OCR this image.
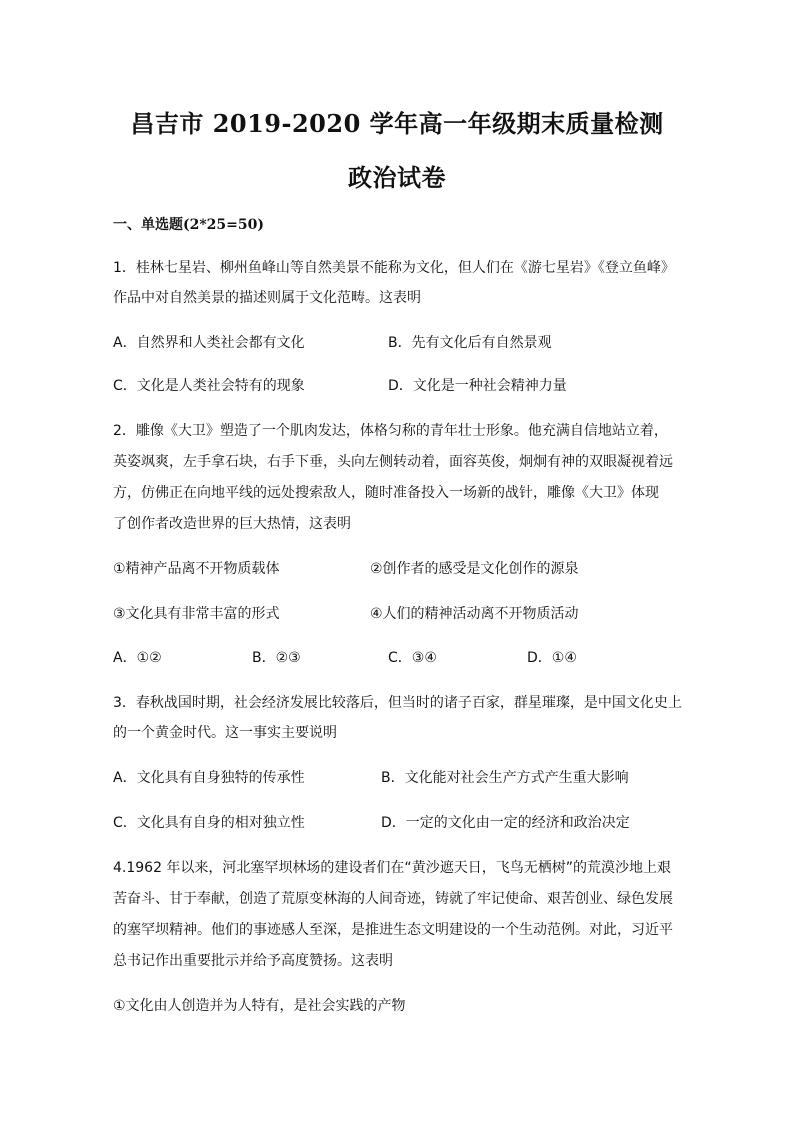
昌吉市 2019-2020 学年高一年级期末质量检测
政治试卷
一、单选题(2*25=50)
1．桂林七星岩、柳州鱼峰山等自然美景不能称为文化，但人们在《游七星岩》《登立鱼峰》
作品中对自然美景的描述则属于文化范畴。这表明
A．自然界和人类社会都有文化	B．先有文化后有自然景观
C．文化是人类社会特有的现象	D．文化是一种社会精神力量
2．雕像《大卫》塑造了一个肌肉发达，体格匀称的青年壮士形象。他充满自信地站立着，
英姿飒爽，左手拿石块，右手下垂，头向左侧转动着，面容英俊，炯炯有神的双眼凝视着远
方，仿佛正在向地平线的远处搜索敌人，随时准备投入一场新的战针，雕像《大卫》体现
了创作者改造世界的巨大热情，这表明
①精神产品离不开物质载体	②创作者的感受是文化创作的源泉
③文化具有非常丰富的形式	④人们的精神活动离不开物质活动
A．①②	B．②③	C．③④	D．①④
3．春秋战国时期，社会经济发展比较落后，但当时的诸子百家，群星璀璨，是中国文化史上
的一个黄金时代。这一事实主要说明
A．文化具有自身独特的传承性	B．文化能对社会生产方式产生重大影响
C．文化具有自身的相对独立性	D．一定的文化由一定的经济和政治决定
4.1962 年以来，河北塞罕坝林场的建设者们在“黄沙遮天日，飞鸟无栖树”的荒漠沙地上艰
苦奋斗、甘于奉献，创造了荒原变林海的人间奇迹，铸就了牢记使命、艰苦创业、绿色发展
的塞罕坝精神。他们的事迹感人至深，是推进生态文明建设的一个生动范例。对此，习近平
总书记作出重要批示并给予高度赞扬。这表明
①文化由人创造并为人特有，是社会实践的产物
